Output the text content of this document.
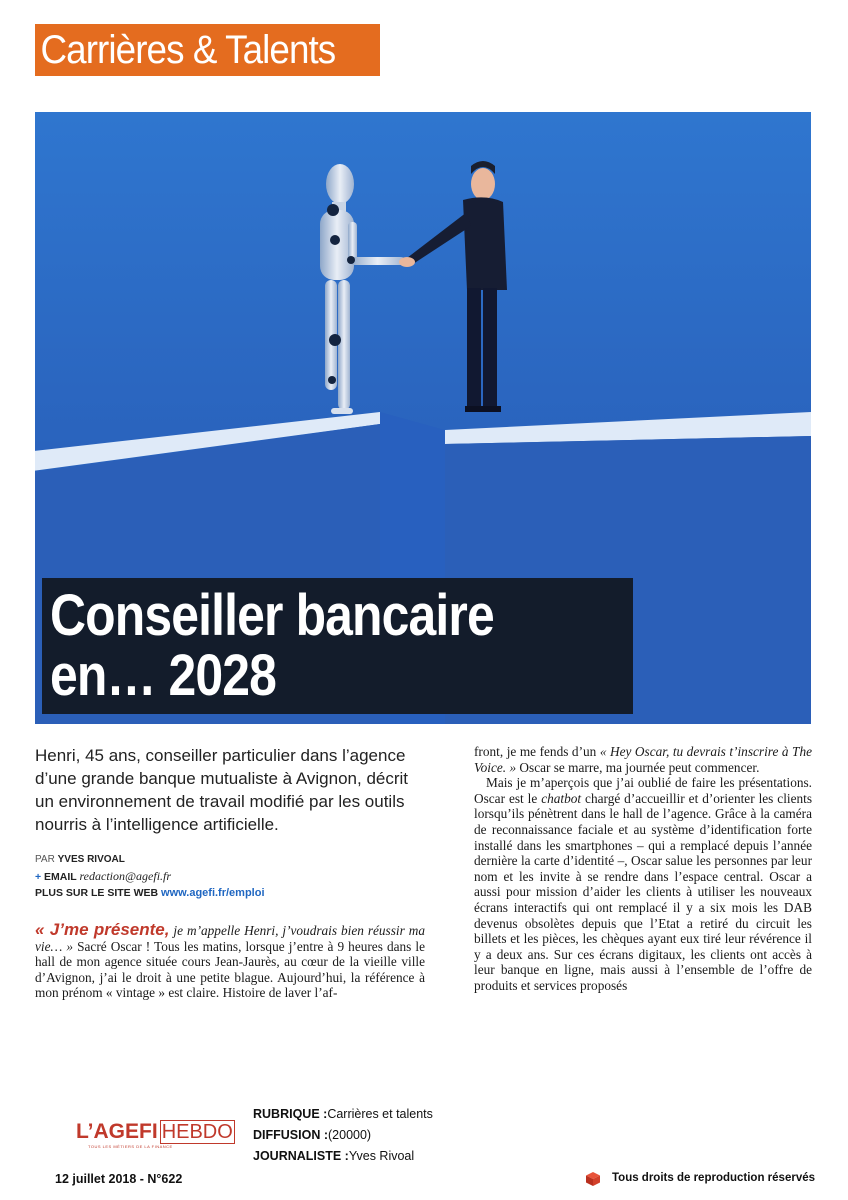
Carrières & Talents
Conseiller bancaire
en… 2028
Henri, 45 ans, conseiller particulier dans l’agence d’une grande banque mutualiste à Avignon, décrit un environnement de travail modifié par les outils nourris à l’intelligence artificielle.
PAR YVES RIVOAL
+ EMAIL redaction@agefi.fr
PLUS SUR LE SITE WEB www.agefi.fr/emploi

« J’me présente, je m’appelle Henri, j’voudrais bien réussir ma vie… » Sacré Oscar ! Tous les matins, lorsque j’entre à 9 heures dans le hall de mon agence située cours Jean-Jaurès, au cœur de la vieille ville d’Avignon, j’ai le droit à une petite blague. Aujourd’hui, la référence à mon prénom « vintage » est claire. Histoire de laver l’af-

front, je me fends d’un « Hey Oscar, tu devrais t’inscrire à The Voice. » Oscar se marre, ma journée peut commencer.

Mais je m’aperçois que j’ai oublié de faire les présentations. Oscar est le chatbot chargé d’accueillir et d’orienter les clients lorsqu’ils pénètrent dans le hall de l’agence. Grâce à la caméra de reconnaissance faciale et au système d’identification forte installé dans les smartphones – qui a remplacé depuis l’année dernière la carte d’identité –, Oscar salue les personnes par leur nom et les invite à se rendre dans l’espace central. Oscar a aussi pour mission d’aider les clients à utiliser les nouveaux écrans interactifs qui ont remplacé il y a six mois les DAB devenus obsolètes depuis que l’Etat a retiré du circuit les billets et les pièces, les chèques ayant eux tiré leur révérence il y a deux ans. Sur ces écrans digitaux, les clients ont accès à leur banque en ligne, mais aussi à l’ensemble de l’offre de produits et services proposés

L’AGEFI HEBDO
TOUS LES MÉTIERS DE LA FINANCE
RUBRIQUE :Carrières et talents
DIFFUSION :(20000)
JOURNALISTE :Yves Rivoal
12 juillet 2018 - N°622	Tous droits de reproduction réservés
